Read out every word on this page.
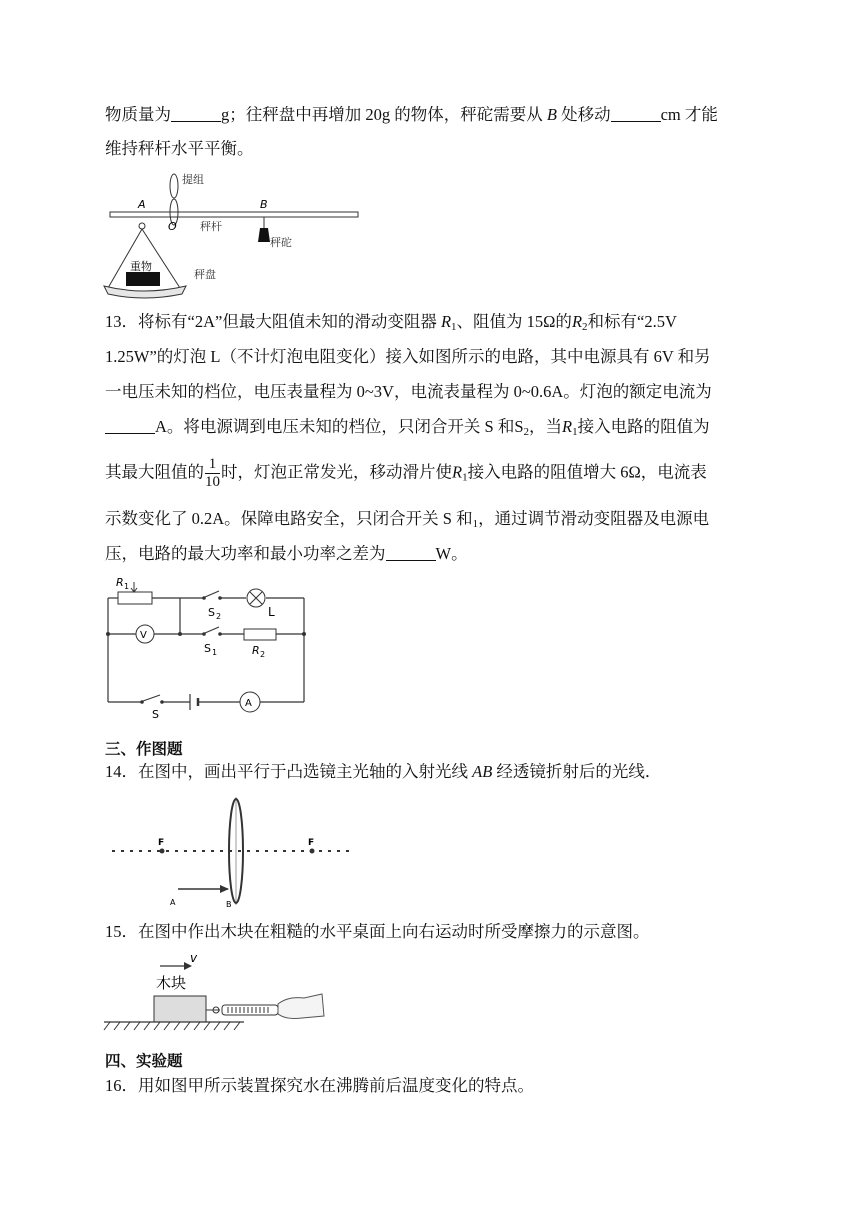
物质量为	g；往秤盘中再增加 20g 的物体，秤砣需要从 B 处移动	cm 才能
维持秤杆水平平衡。
A
提组
O 秤杆
B
秤砣
重物
秤盘
13．将标有“2A”但最大阻值未知的滑动变阻器 $R_1$、阻值为 15Ω的$R_2$和标有“2.5V
1.25W”的灯泡 L（不计灯泡电阻变化）接入如图所示的电路，其中电源具有 6V 和另
一电压未知的档位，电压表量程为 0~3V，电流表量程为 0~0.6A。灯泡的额定电流为
A。将电源调到电压未知的档位，只闭合开关 S 和$S_2$，当$R_1$接入电路的阻值为
其最大阻值的 $\frac{1}{10}$ 时，灯泡正常发光，移动滑片使$R_1$接入电路的阻值增大 6Ω，电流表
示数变化了 0.2A。保障电路安全，只闭合开关 S 和$_1$，通过调节滑动变阻器及电源电
压，电路的最大功率和最小功率之差为	W。
R 1
S 2	L
V
S 1	R 2
S
A
三、作图题
14．在图中，画出平行于凸选镜主光轴的入射光线 AB 经透镜折射后的光线．
F	F
A	B
15．在图中作出木块在粗糙的水平桌面上向右运动时所受摩擦力的示意图。
v
木块
四、实验题
16．用如图甲所示装置探究水在沸腾前后温度变化的特点。
